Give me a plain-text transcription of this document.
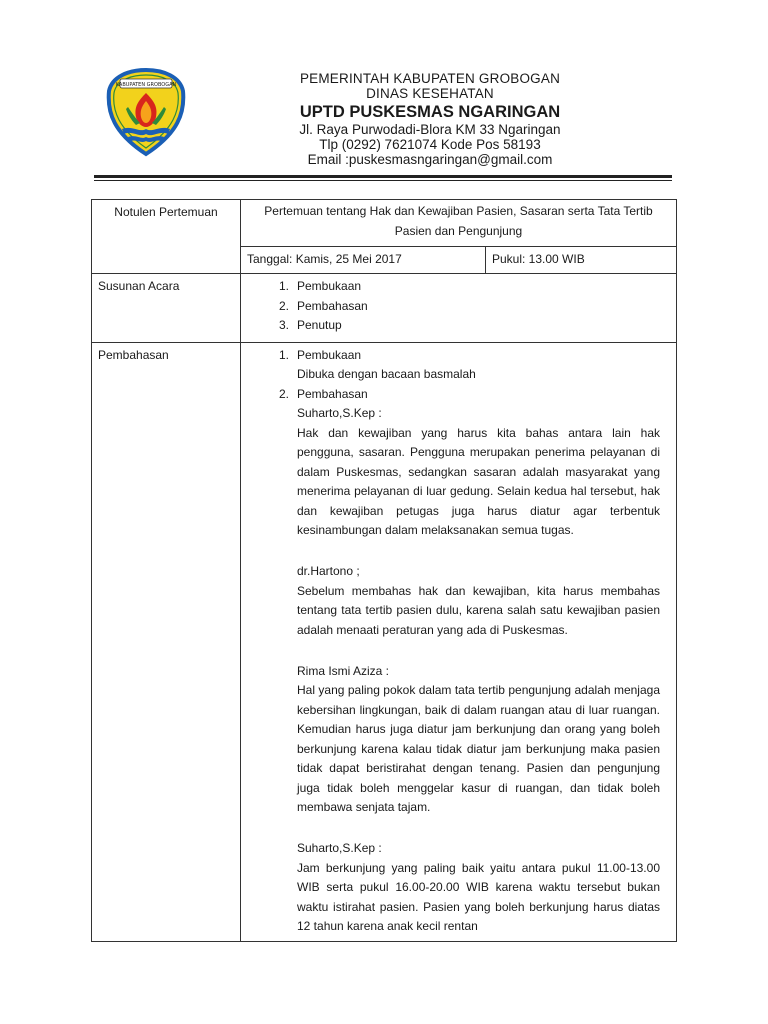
KABUPATEN GROBOGAN	PEMERINTAH KABUPATEN GROBOGAN
DINAS KESEHATAN
UPTD PUSKESMAS NGARINGAN
Jl. Raya Purwodadi-Blora KM 33 Ngaringan
Tlp (0292) 7621074 Kode Pos 58193
Email :puskesmasngaringan@gmail.com
Notulen Pertemuan	Pertemuan tentang Hak dan Kewajiban Pasien, Sasaran serta Tata Tertib Pasien dan Pengunjung
Tanggal: Kamis, 25 Mei 2017	Pukul: 13.00 WIB

Susunan Acara	1. Pembukaan
2. Pembahasan
3. Penutup

Pembahasan	1. Pembukaan

Dibuka dengan bacaan basmalah

2. Pembahasan

Suharto,S.Kep :

Hak dan kewajiban yang harus kita bahas antara lain hak pengguna, sasaran. Pengguna merupakan penerima pelayanan di dalam Puskesmas, sedangkan sasaran adalah masyarakat yang menerima pelayanan di luar gedung. Selain kedua hal tersebut, hak dan kewajiban petugas juga harus diatur agar terbentuk kesinambungan dalam melaksanakan semua tugas.

dr.Hartono ;

Sebelum membahas hak dan kewajiban, kita harus membahas tentang tata tertib pasien dulu, karena salah satu kewajiban pasien adalah menaati peraturan yang ada di Puskesmas.

Rima Ismi Aziza :

Hal yang paling pokok dalam tata tertib pengunjung adalah menjaga kebersihan lingkungan, baik di dalam ruangan atau di luar ruangan. Kemudian harus juga diatur jam berkunjung dan orang yang boleh berkunjung karena kalau tidak diatur jam berkunjung maka pasien tidak dapat beristirahat dengan tenang. Pasien dan pengunjung juga tidak boleh menggelar kasur di ruangan, dan tidak boleh membawa senjata tajam.

Suharto,S.Kep :

Jam berkunjung yang paling baik yaitu antara pukul 11.00-13.00 WIB serta pukul 16.00-20.00 WIB karena waktu tersebut bukan waktu istirahat pasien. Pasien yang boleh berkunjung harus diatas 12 tahun karena anak kecil rentan
